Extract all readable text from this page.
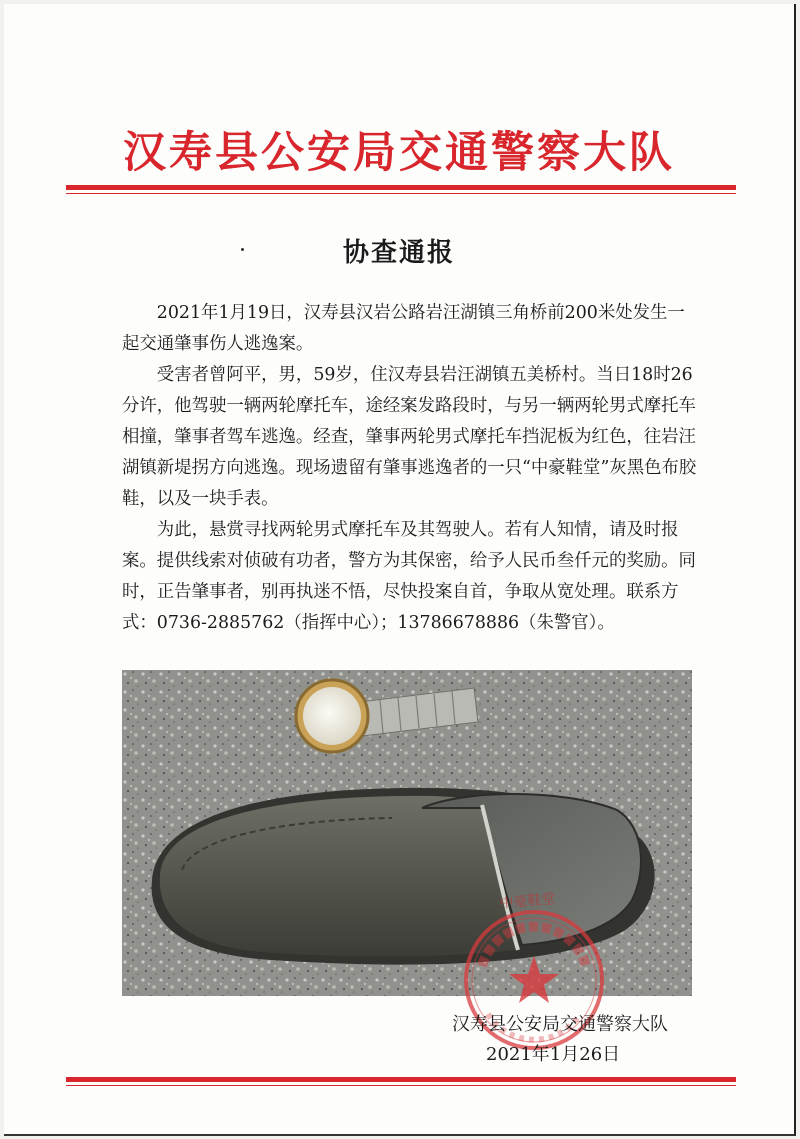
汉寿县公安局交通警察大队
协查通报

2021年1月19日，汉寿县汉岩公路岩汪湖镇三角桥前200米处发生一起交通肇事伤人逃逸案。

受害者曾阿平，男，59岁，住汉寿县岩汪湖镇五美桥村。当日18时26分许，他驾驶一辆两轮摩托车，途经案发路段时，与另一辆两轮男式摩托车相撞，肇事者驾车逃逸。经查，肇事两轮男式摩托车挡泥板为红色，往岩汪湖镇新堤拐方向逃逸。现场遗留有肇事逃逸者的一只“中豪鞋堂”灰黑色布胶鞋，以及一块手表。

为此，悬赏寻找两轮男式摩托车及其驾驶人。若有人知情，请及时报案。提供线索对侦破有功者，警方为其保密，给予人民币叁仟元的奖励。同时，正告肇事者，别再执迷不悟，尽快投案自首，争取从宽处理。联系方式：0736-2885762（指挥中心）；13786678886（朱警官）。

中豪鞋堂
汉寿县公安局交通警察大队
2021年1月26日
